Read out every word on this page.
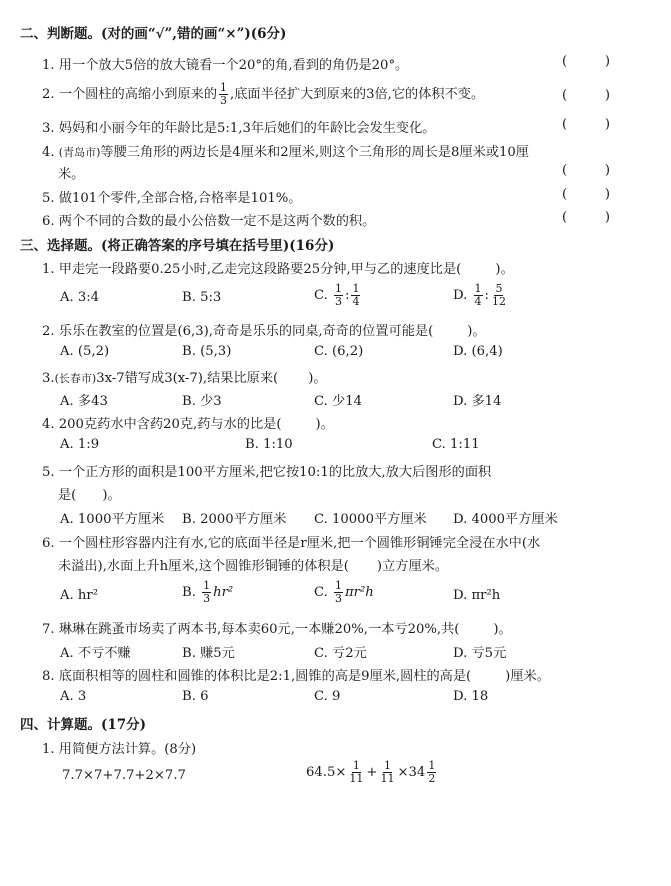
二、判断题。(对的画“√”,错的画“×”)(6分)
1. 用一个放大5倍的放大镜看一个20°的角,看到的角仍是20°。	(	)
2. 一个圆柱的高缩小到原来的 $\frac{1}{3}$ ,底面半径扩大到原来的3倍,它的体积不变。	(	)
3. 妈妈和小丽今年的年龄比是5:1,3年后她们的年龄比会发生变化。	(	)
4. (青岛市)等腰三角形的两边长是4厘米和2厘米,则这个三角形的周长是8厘米或10厘
米。	(	)
5. 做101个零件,全部合格,合格率是101%。	(	)
6. 两个不同的合数的最小公倍数一定不是这两个数的积。	(	)
三、选择题。(将正确答案的序号填在括号里)(16分)
1. 甲走完一段路要0.25小时,乙走完这段路要25分钟,甲与乙的速度比是(	)。
A. 3:4	B. 5:3	C. $\frac{1}{3}$ : $\frac{1}{4}$	D. $\frac{1}{4}$ : $\frac{5}{12}$
2. 乐乐在教室的位置是(6,3),奇奇是乐乐的同桌,奇奇的位置可能是(	)。
A. (5,2)	B. (5,3)	C. (6,2)	D. (6,4)
3.(长春市)3x-7错写成3(x-7),结果比原来( )。
A. 多43	B. 少3	C. 少14	D. 多14
4. 200克药水中含药20克,药与水的比是(	)。
A. 1:9	B. 1:10	C. 1:11
5. 一个正方形的面积是100平方厘米,把它按10:1的比放大,放大后图形的面积
是( )。
A. 1000平方厘米 B. 2000平方厘米 C. 10000平方厘米 D. 4000平方厘米
6. 一个圆柱形容器内注有水,它的底面半径是r厘米,把一个圆锥形铜锤完全浸在水中(水
未溢出),水面上升h厘米,这个圆锥形铜锤的体积是( )立方厘米。
A. hr²	B. $\frac{1}{3} hr^2$	C. $\frac{1}{3} \pi r^2h$	D. πr²h
7. 琳琳在跳蚤市场卖了两本书,每本卖60元,一本赚20%,一本亏20%,共(	)。
A. 不亏不赚	B. 赚5元	C. 亏2元	D. 亏5元
8. 底面积相等的圆柱和圆锥的体积比是2:1,圆锥的高是9厘米,圆柱的高是(	)厘米。
A. 3	B. 6	C. 9	D. 18
四、计算题。(17分)
1. 用简便方法计算。(8分)
7.7×7+7.7+2×7.7	$64.5\times \frac{1}{11} + \frac{1}{11} \times 34 \frac{1}{2}$
